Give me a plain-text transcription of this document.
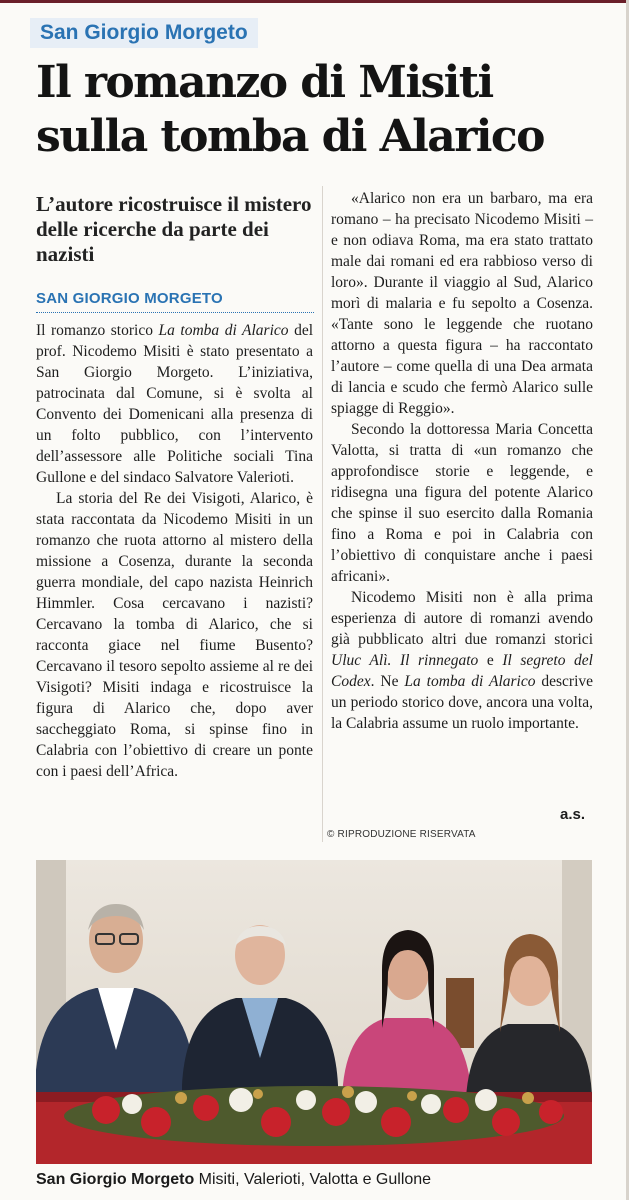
San Giorgio Morgeto
Il romanzo di Misiti sulla tomba di Alarico
L’autore ricostruisce il mistero delle ricerche da parte dei nazisti
SAN GIORGIO MORGETO

Il romanzo storico La tomba di Alarico del prof. Nicodemo Misiti è stato presentato a San Giorgio Morgeto. L’iniziativa, patrocinata dal Comune, si è svolta al Convento dei Domenicani alla presenza di un folto pubblico, con l’intervento dell’assessore alle Politiche sociali Tina Gullone e del sindaco Salvatore Valerioti.

La storia del Re dei Visigoti, Alarico, è stata raccontata da Nicodemo Misiti in un romanzo che ruota attorno al mistero della missione a Cosenza, durante la seconda guerra mondiale, del capo nazista Heinrich Himmler. Cosa cercavano i nazisti? Cercavano la tomba di Alarico, che si racconta giace nel fiume Busento? Cercavano il tesoro sepolto assieme al re dei Visigoti? Misiti indaga e ricostruisce la figura di Alarico che, dopo aver saccheggiato Roma, si spinse fino in Calabria con l’obiettivo di creare un ponte con i paesi dell’Africa.

«Alarico non era un barbaro, ma era romano – ha precisato Nicodemo Misiti – e non odiava Roma, ma era stato trattato male dai romani ed era rabbioso verso di loro». Durante il viaggio al Sud, Alarico morì di malaria e fu sepolto a Cosenza. «Tante sono le leggende che ruotano attorno a questa figura – ha raccontato l’autore – come quella di una Dea armata di lancia e scudo che fermò Alarico sulle spiagge di Reggio».

Secondo la dottoressa Maria Concetta Valotta, si tratta di «un romanzo che approfondisce storie e leggende, e ridisegna una figura del potente Alarico che spinse il suo esercito dalla Romania fino a Roma e poi in Calabria con l’obiettivo di conquistare anche i paesi africani».

Nicodemo Misiti non è alla prima esperienza di autore di romanzi avendo già pubblicato altri due romanzi storici Uluc Alì. Il rinnegato e Il segreto del Codex. Ne La tomba di Alarico descrive un periodo storico dove, ancora una volta, la Calabria assume un ruolo importante.

a.s.
© RIPRODUZIONE RISERVATA
San Giorgio Morgeto Misiti, Valerioti, Valotta e Gullone
